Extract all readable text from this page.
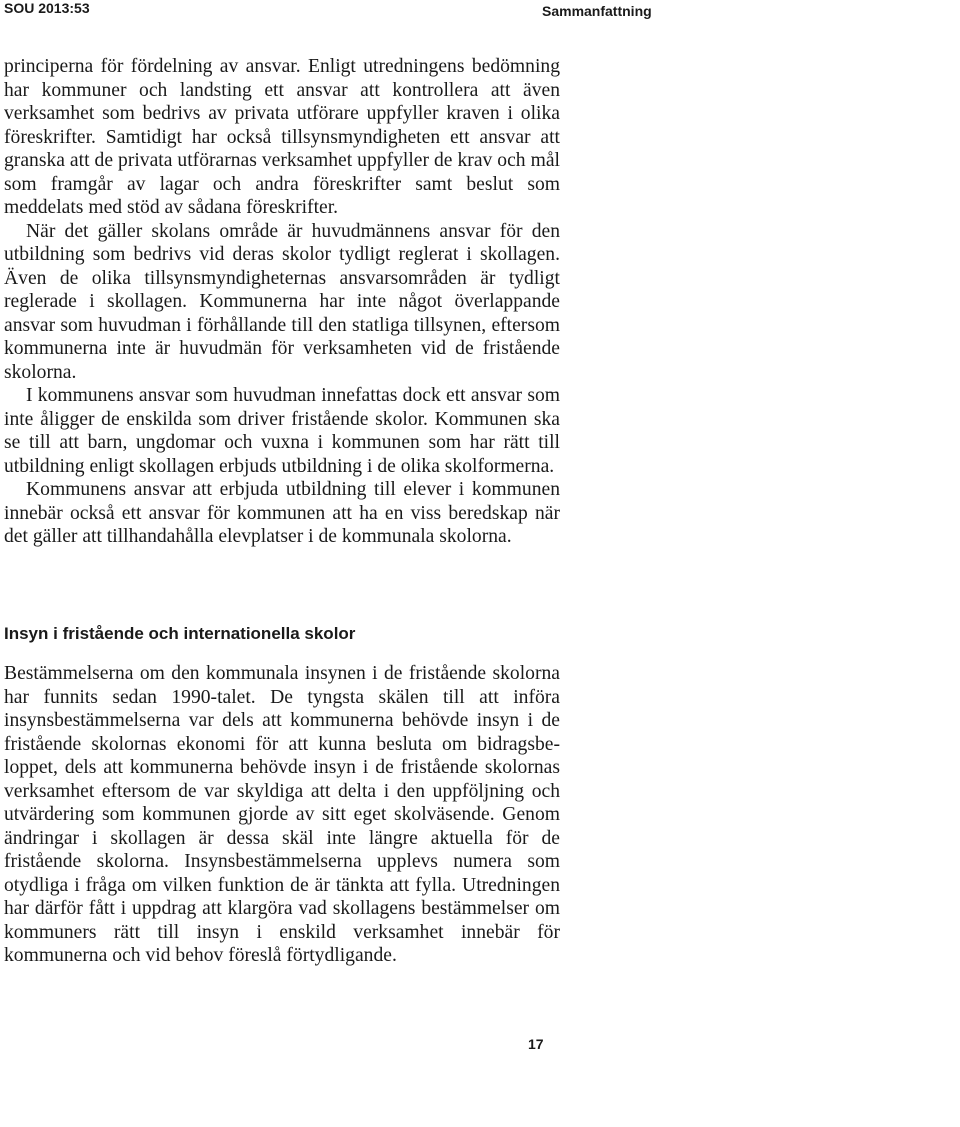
SOU 2013:53	Sammanfattning

principerna för fördelning av ansvar. Enligt utredningens bedömning har kommuner och landsting ett ansvar att kontrollera att även verksamhet som bedrivs av privata utförare uppfyller kraven i olika föreskrifter. Samtidigt har också tillsynsmyndigheten ett ansvar att granska att de privata utförarnas verksamhet uppfyller de krav och mål som framgår av lagar och andra föreskrifter samt beslut som meddelats med stöd av sådana föreskrifter.

När det gäller skolans område är huvudmännens ansvar för den utbildning som bedrivs vid deras skolor tydligt reglerat i skollagen. Även de olika tillsynsmyndigheternas ansvarsområden är tydligt reglerade i skollagen. Kommunerna har inte något överlappande ansvar som huvudman i förhållande till den statliga tillsynen, eftersom kommunerna inte är huvudmän för verksamheten vid de fristående skolorna.

I kommunens ansvar som huvudman innefattas dock ett ansvar som inte åligger de enskilda som driver fristående skolor. Kommunen ska se till att barn, ungdomar och vuxna i kommunen som har rätt till utbildning enligt skollagen erbjuds utbildning i de olika skolformerna.

Kommunens ansvar att erbjuda utbildning till elever i kommunen innebär också ett ansvar för kommunen att ha en viss beredskap när det gäller att tillhandahålla elevplatser i de kommunala skolorna.

Insyn i fristående och internationella skolor

Bestämmelserna om den kommunala insynen i de fristående skolorna har funnits sedan 1990-talet. De tyngsta skälen till att införa insynsbestämmelserna var dels att kommunerna behövde insyn i de fristående skolornas ekonomi för att kunna besluta om bidragsbeloppet, dels att kommunerna behövde insyn i de fristående skolornas verksamhet eftersom de var skyldiga att delta i den uppföljning och utvärdering som kommunen gjorde av sitt eget skolväsende. Genom ändringar i skollagen är dessa skäl inte längre aktuella för de fristående skolorna. Insynsbestämmelserna upplevs numera som otydliga i fråga om vilken funktion de är tänkta att fylla. Utredningen har därför fått i uppdrag att klargöra vad skollagens bestämmelser om kommuners rätt till insyn i enskild verksamhet innebär för kommunerna och vid behov föreslå förtydligande.

17
